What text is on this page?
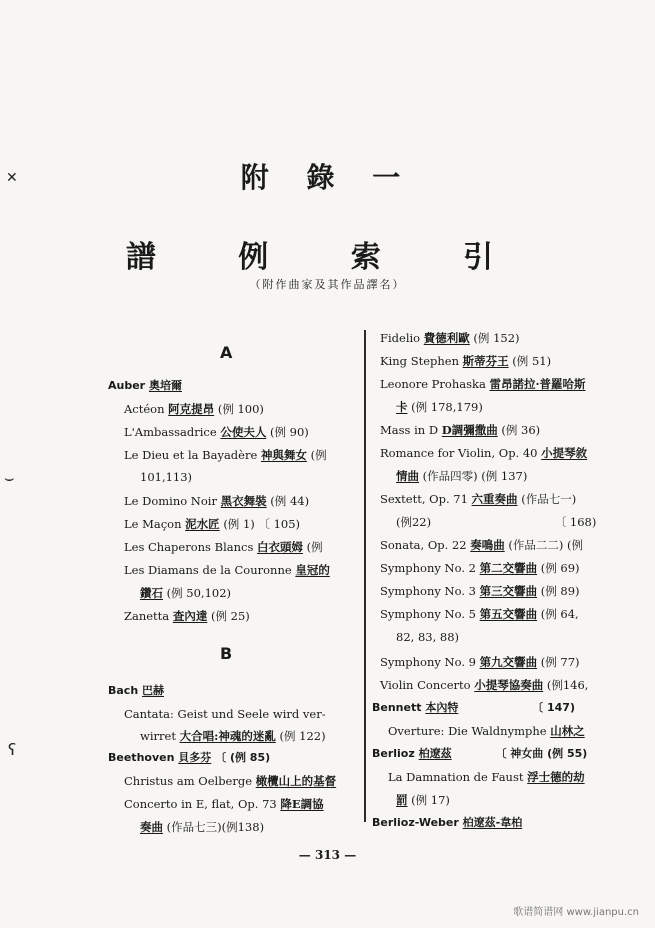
附 錄 一
譜 例 索 引
（附作曲家及其作品譯名）
✕
⌣
ʕ
A
Auber 奧培爾
Actéon 阿克提昂 (例 100)
L'Ambassadrice 公使夫人 (例 90)
Le Dieu et la Bayadère 神與舞女 (例
101,113)
Le Domino Noir 黑衣舞裝 (例 44)
Le Maçon 泥水匠 (例 1) 〔 105)
Les Chaperons Blancs 白衣頭姆 (例
Les Diamans de la Couronne 皇冠的
鑽石 (例 50,102)
Zanetta 查內達 (例 25)
B
Bach 巴赫
Cantata: Geist und Seele wird ver-
wirret 大合唱:神魂的迷亂 (例 122)
Beethoven 貝多芬 〔 (例 85)
Christus am Oelberge 橄欖山上的基督
Concerto in E, flat, Op. 73 降E調協
奏曲 (作品七三)(例138)
Fidelio 費德利歐 (例 152)
King Stephen 斯蒂芬王 (例 51)
Leonore Prohaska 雷昂諾拉·普羅哈斯
卡 (例 178,179)
Mass in D D調彌撒曲 (例 36)
Romance for Violin, Op. 40 小提琴敘
情曲 (作品四零) (例 137)
Sextett, Op. 71 六重奏曲 (作品七一)
(例22)	〔 168)
Sonata, Op. 22 奏鳴曲 (作品二二) (例
Symphony No. 2 第二交響曲 (例 69)
Symphony No. 3 第三交響曲 (例 89)
Symphony No. 5 第五交響曲 (例 64,
82, 83, 88)
Symphony No. 9 第九交響曲 (例 77)
Violin Concerto 小提琴協奏曲 (例146,
Bennett 本內特	〔 147)
Overture: Die Waldnymphe 山林之
Berlioz 柏遼茲	〔 神女曲 (例 55)
La Damnation de Faust 浮士德的劫
罰 (例 17)
Berlioz-Weber 柏遼茲-韋柏
— 313 —
歌谱简谱网 www.jianpu.cn
